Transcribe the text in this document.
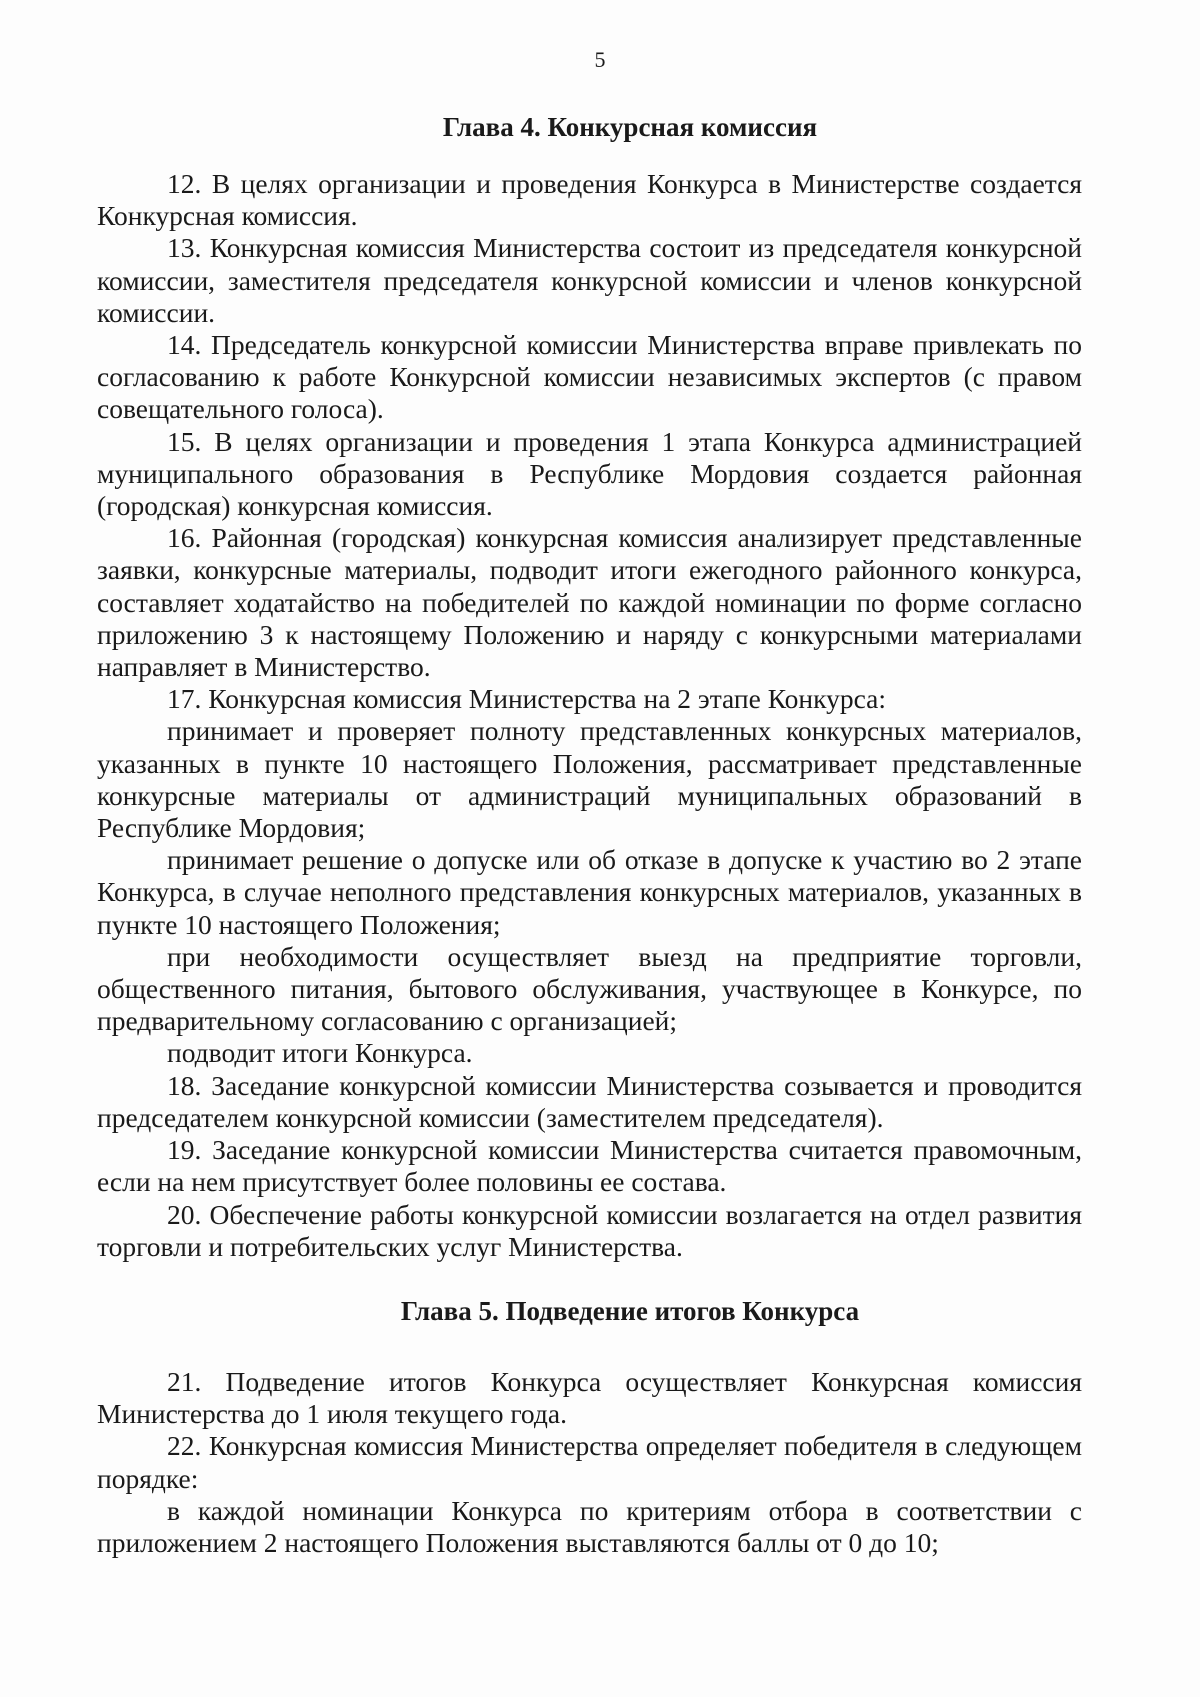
5
Глава 4. Конкурсная комиссия

12. В целях организации и проведения Конкурса в Министерстве создается Конкурсная комиссия.

13. Конкурсная комиссия Министерства состоит из председателя конкурсной комиссии, заместителя председателя конкурсной комиссии и членов конкурсной комиссии.

14. Председатель конкурсной комиссии Министерства вправе привлекать по согласованию к работе Конкурсной комиссии независимых экспертов (с правом совещательного голоса).

15. В целях организации и проведения 1 этапа Конкурса администрацией муниципального образования в Республике Мордовия создается районная (городская) конкурсная комиссия.

16. Районная (городская) конкурсная комиссия анализирует представленные заявки, конкурсные материалы, подводит итоги ежегодного районного конкурса, составляет ходатайство на победителей по каждой номинации по форме согласно приложению 3 к настоящему Положению и наряду с конкурсными материалами направляет в Министерство.

17. Конкурсная комиссия Министерства на 2 этапе Конкурса:

принимает и проверяет полноту представленных конкурсных материалов, указанных в пункте 10 настоящего Положения, рассматривает представленные конкурсные материалы от администраций муниципальных образований в Республике Мордовия;

принимает решение о допуске или об отказе в допуске к участию во 2 этапе Конкурса, в случае неполного представления конкурсных материалов, указанных в пункте 10 настоящего Положения;

при необходимости осуществляет выезд на предприятие торговли, общественного питания, бытового обслуживания, участвующее в Конкурсе, по предварительному согласованию с организацией;

подводит итоги Конкурса.

18. Заседание конкурсной комиссии Министерства созывается и проводится председателем конкурсной комиссии (заместителем председателя).

19. Заседание конкурсной комиссии Министерства считается правомочным, если на нем присутствует более половины ее состава.

20. Обеспечение работы конкурсной комиссии возлагается на отдел развития торговли и потребительских услуг Министерства.

Глава 5. Подведение итогов Конкурса

21. Подведение итогов Конкурса осуществляет Конкурсная комиссия Министерства до 1 июля текущего года.

22. Конкурсная комиссия Министерства определяет победителя в следующем порядке:

в каждой номинации Конкурса по критериям отбора в соответствии с приложением 2 настоящего Положения выставляются баллы от 0 до 10;
